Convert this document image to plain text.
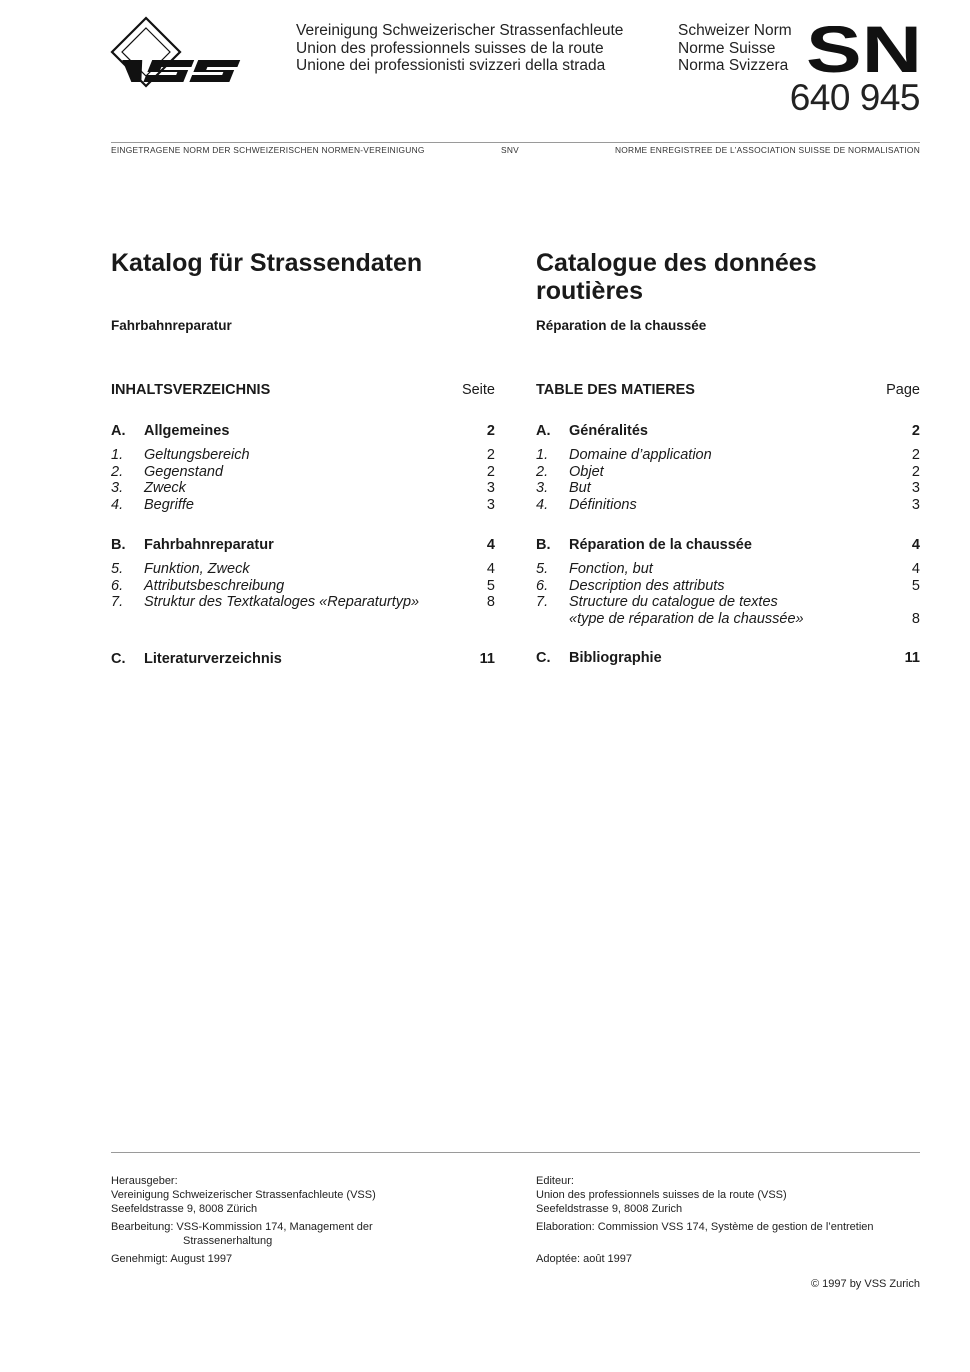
VSS
Vereinigung Schweizerischer Strassenfachleute
Union des professionnels suisses de la route
Unione dei professionisti svizzeri della strada
Schweizer Norm
Norme Suisse
Norma Svizzera SN
640 945
EINGETRAGENE NORM DER SCHWEIZERISCHEN NORMEN-VEREINIGUNG	SNV	NORME ENREGISTREE DE L’ASSOCIATION SUISSE DE NORMALISATION
Katalog für Strassendaten
Fahrbahnreparatur
Catalogue des données
routières
Réparation de la chaussée
INHALTSVERZEICHNIS	Seite
A.	Allgemeines	2
1.	Geltungsbereich	2
2.	Gegenstand	2
3.	Zweck	3
4.	Begriffe	3
B.	Fahrbahnreparatur	4
5.	Funktion, Zweck	4
6.	Attributsbeschreibung	5
7.	Struktur des Textkataloges «Reparaturtyp»	8
C.	Literaturverzeichnis	11
TABLE DES MATIERES	Page
A.	Généralités	2
1.	Domaine d’application	2
2.	Objet	2
3.	But	3
4.	Définitions	3
B.	Réparation de la chaussée	4
5.	Fonction, but	4
6.	Description des attributs	5
7.	Structure du catalogue de textes
«type de réparation de la chaussée»	8
C.	Bibliographie	11

Herausgeber:

Vereinigung Schweizerischer Strassenfachleute (VSS)

Seefeldstrasse 9, 8008 Zürich

Bearbeitung: VSS-Kommission 174, Management der

Strassenerhaltung

Genehmigt: August 1997

Editeur:

Union des professionnels suisses de la route (VSS)

Seefeldstrasse 9, 8008 Zurich

Elaboration: Commission VSS 174, Système de gestion de l’entretien

Adoptée: août 1997

© 1997 by VSS Zurich
